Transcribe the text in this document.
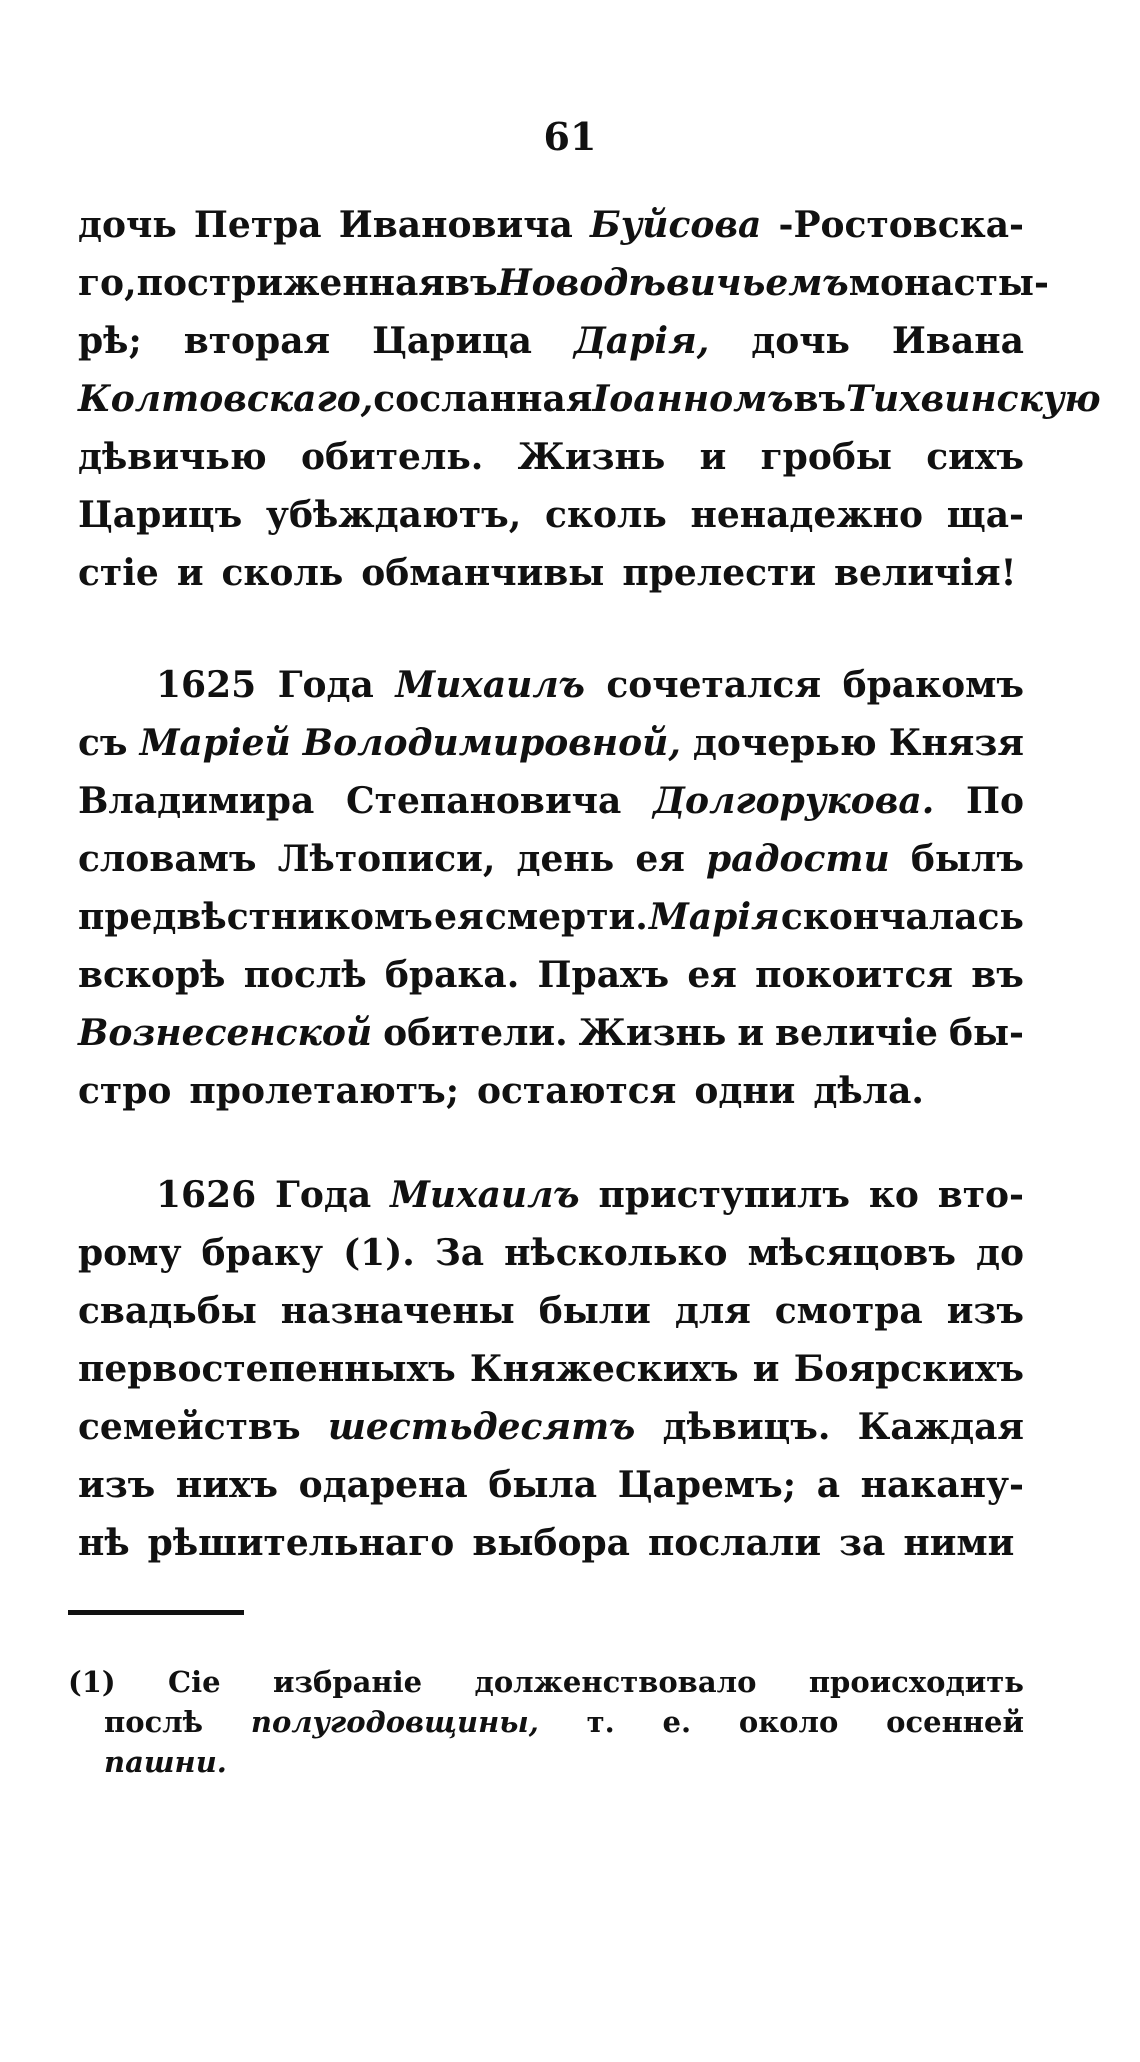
61
дочь Петра Ивановича Буйсова -Ростовска-
го, постриженная въ Новодѣвичьемъ монасты-
рѣ; вторая Царица Дарія, дочь Ивана
Колтовскаго, сосланная Іоанномъ въ Тихвинскую
дѣвичью обитель. Жизнь и гробы сихъ
Царицъ убѣждаютъ, сколь ненадежно ща-
стіе и сколь обманчивы прелести величія!
1625 Года Михаилъ сочетался бракомъ
съ Маріей Володимировной, дочерью Князя
Владимира Степановича Долгорукова. По
словамъ Лѣтописи, день ея радости былъ
предвѣстникомъ ея смерти. Марія скончалась
вскорѣ послѣ брака. Прахъ ея покоится въ
Вознесенской обители. Жизнь и величіе бы-
стро пролетаютъ; остаются одни дѣла.
1626 Года Михаилъ приступилъ ко вто-
рому браку (1). За нѣсколько мѣсяцовъ до
свадьбы назначены были для смотра изъ
первостепенныхъ Княжескихъ и Боярскихъ
семействъ шестьдесятъ дѣвицъ. Каждая
изъ нихъ одарена была Царемъ; а накану-
нѣ рѣшительнаго выбора послали за ними
(1) Сіе избраніе долженствовало происходить
послѣ полугодовщины, т. е. около осенней
пашни.
